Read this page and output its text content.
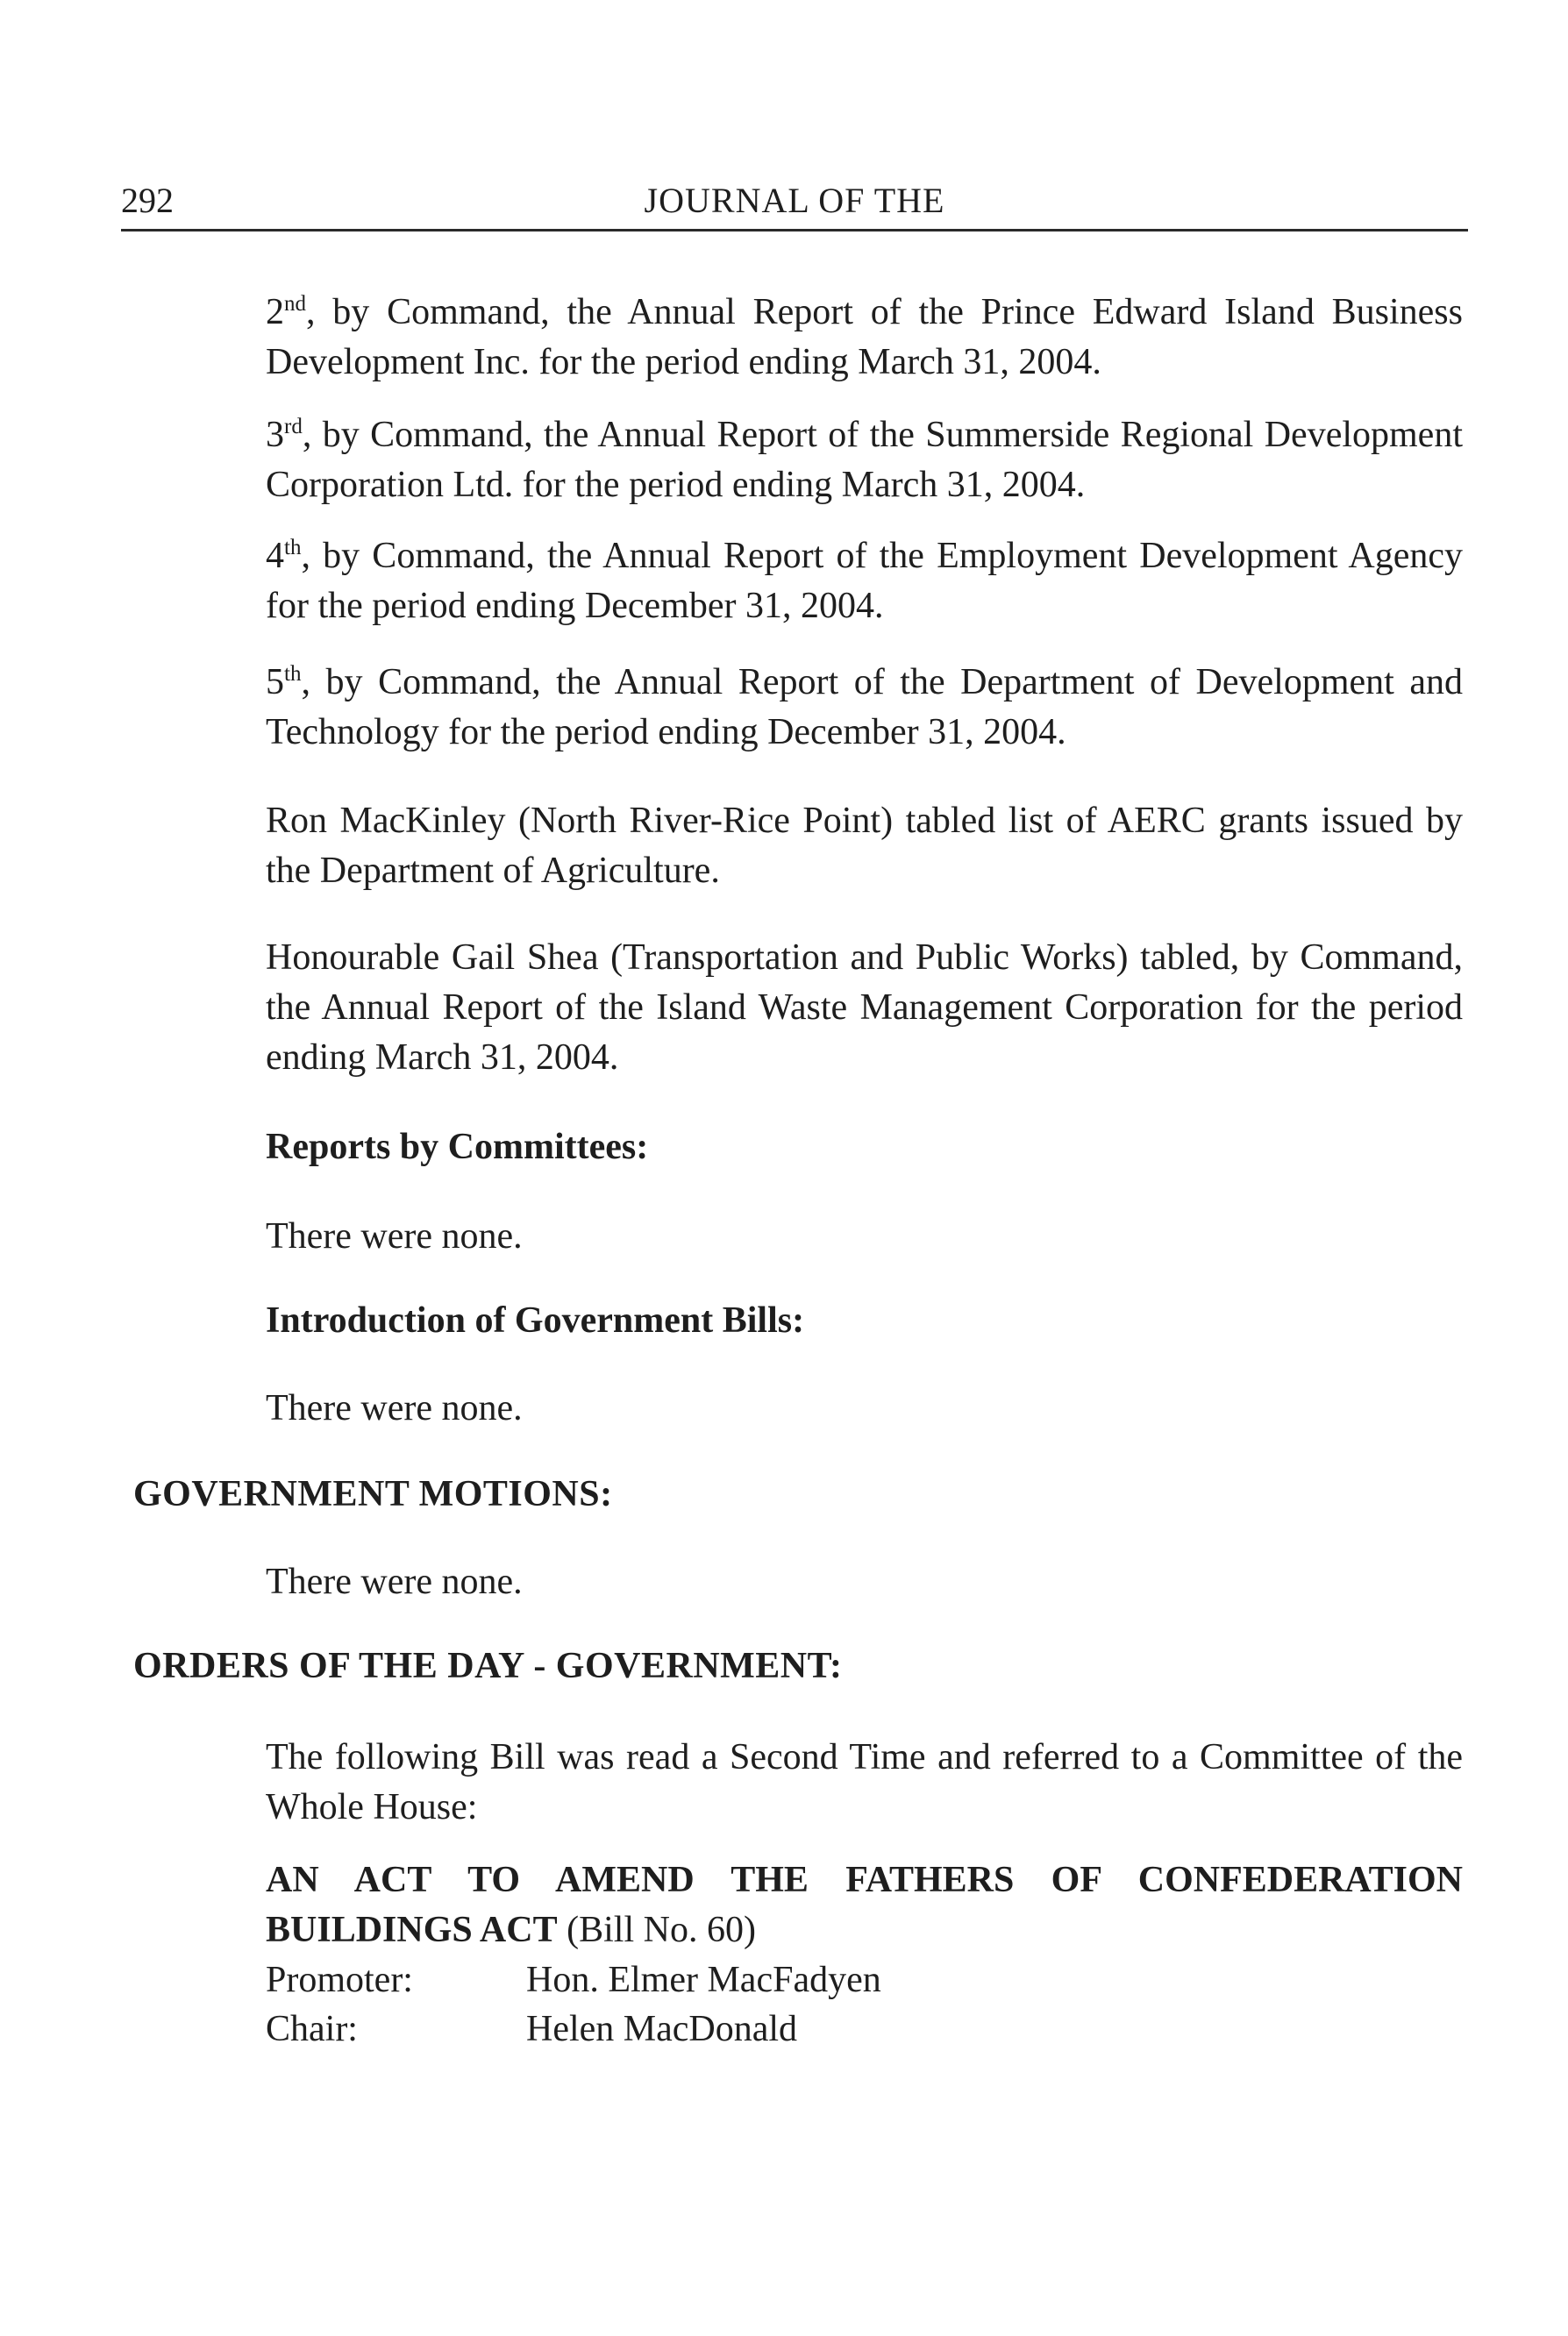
292	JOURNAL OF THE

2nd, by Command, the Annual Report of the Prince Edward Island Business Development Inc. for the period ending March 31, 2004.

3rd, by Command, the Annual Report of the Summerside Regional Development Corporation Ltd. for the period ending March 31, 2004.

4th, by Command, the Annual Report of the Employment Development Agency for the period ending December 31, 2004.

5th, by Command, the Annual Report of the Department of Development and Technology for the period ending December 31, 2004.

Ron MacKinley (North River-Rice Point) tabled list of AERC grants issued by the Department of Agriculture.

Honourable Gail Shea (Transportation and Public Works) tabled, by Command, the Annual Report of the Island Waste Management Corporation for the period ending March 31, 2004.

Reports by Committees:

There were none.

Introduction of Government Bills:

There were none.

GOVERNMENT MOTIONS:

There were none.

ORDERS OF THE DAY - GOVERNMENT:

The following Bill was read a Second Time and referred to a Committee of the Whole House:

AN ACT TO AMEND THE FATHERS OF CONFEDERATION BUILDINGS ACT (Bill No. 60)

Promoter:	Hon. Elmer MacFadyen
Chair:	Helen MacDonald
